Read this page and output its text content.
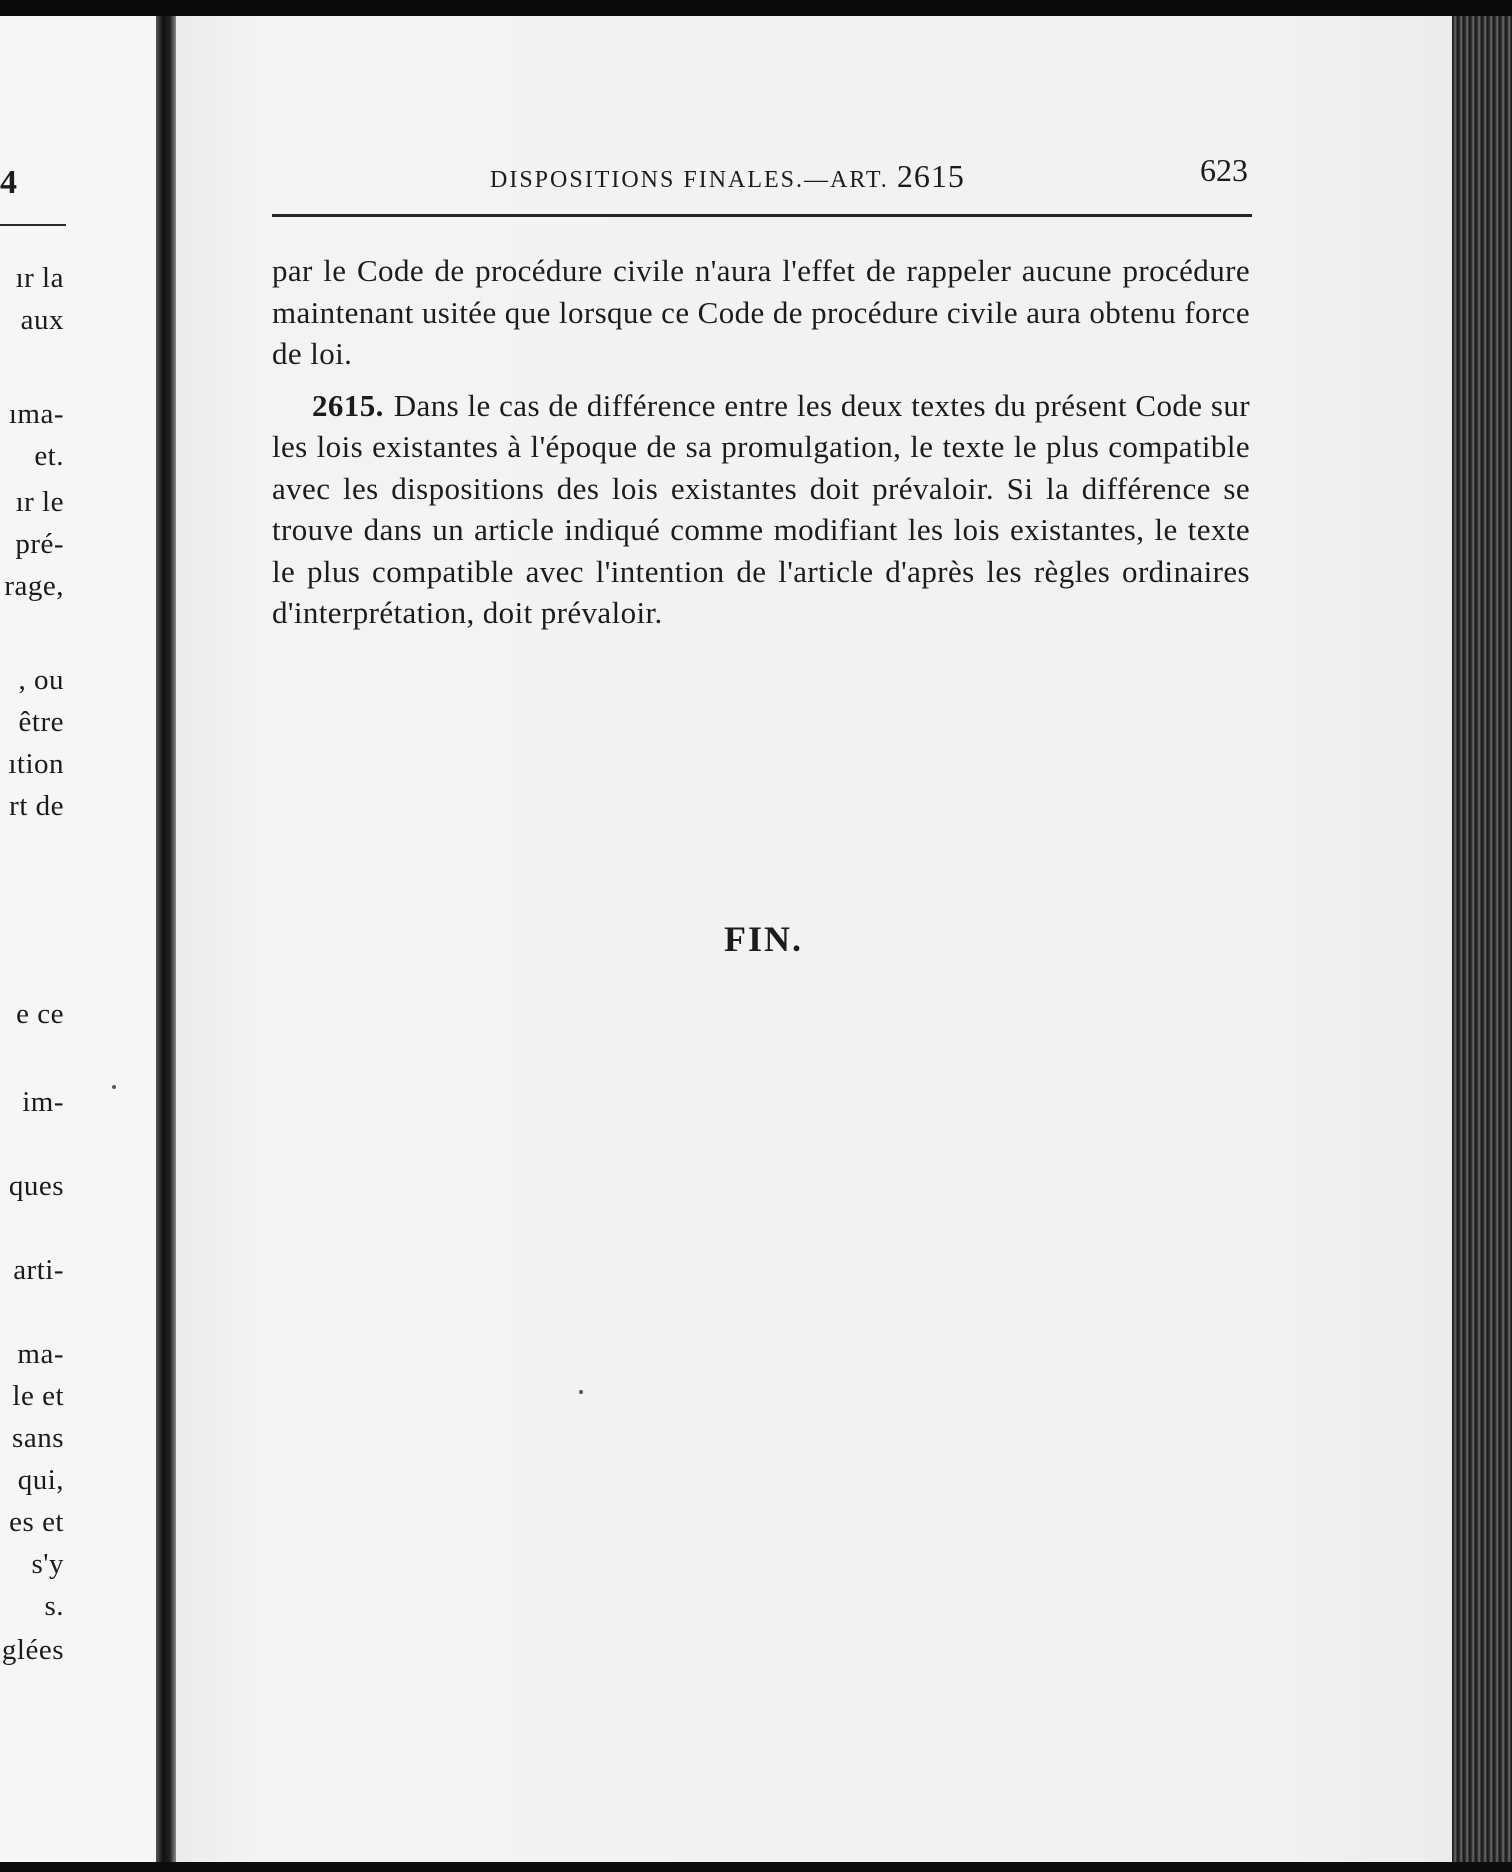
4
ır la
aux
ıma-
et.
ır le
pré-
rage,
, ou
être
ıtion
rt de
e ce
im-
ques
arti-
ma-
le et
sans
qui,
es et
s'y
s.
glées
DISPOSITIONS FINALES.—ART. 2615	623

par le Code de procédure civile n'aura l'effet de rappeler aucune procédure maintenant usitée que lorsque ce Code de procédure civile aura obtenu force de loi.

2615. Dans le cas de différence entre les deux textes du présent Code sur les lois existantes à l'époque de sa promulgation, le texte le plus compatible avec les dispositions des lois existantes doit prévaloir. Si la différence se trouve dans un article indiqué comme modifiant les lois existantes, le texte le plus compatible avec l'intention de l'article d'après les règles ordinaires d'interprétation, doit prévaloir.

FIN.
